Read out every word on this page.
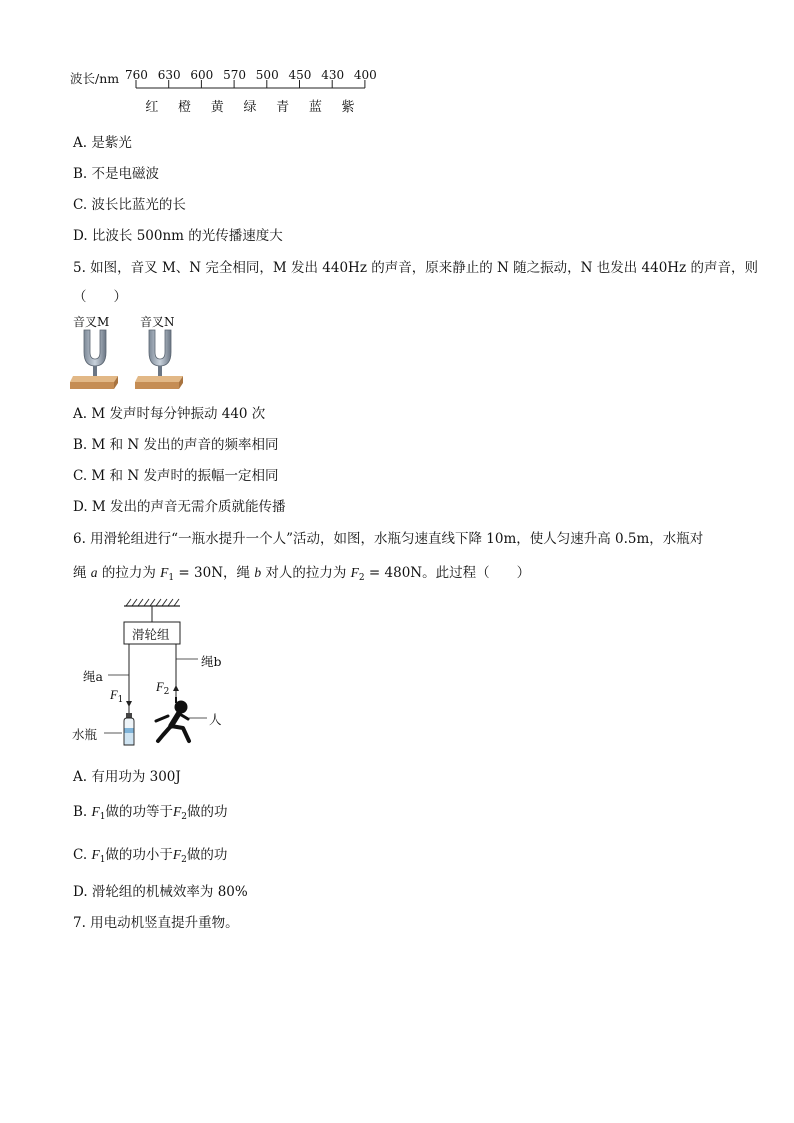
波长/nm 760 630 600 570 500 450 430 400
红 橙 黄 绿 青 蓝 紫
A. 是紫光
B. 不是电磁波
C. 波长比蓝光的长
D. 比波长 500nm 的光传播速度大
5. 如图，音叉 M、N 完全相同，M 发出 440Hz 的声音，原来静止的 N 随之振动，N 也发出 440Hz 的声音，则
（　　）
音叉M	音叉N
A. M 发声时每分钟振动 440 次
B. M 和 N 发出的声音的频率相同
C. M 和 N 发声时的振幅一定相同
D. M 发出的声音无需介质就能传播
6. 用滑轮组进行“一瓶水提升一个人”活动，如图，水瓶匀速直线下降 10m，使人匀速升高 0.5m，水瓶对
绳 a 的拉力为 $F_1 = 30N$，绳 b 对人的拉力为 $F_2 = 480N$。此过程（　　）
滑轮组
绳a
绳b
$F_1$
$F_2$
水瓶
人
A. 有用功为 300J
B. $F_1$做的功等于$F_2$做的功
C. $F_1$做的功小于$F_2$做的功
D. 滑轮组的机械效率为 80%
7. 用电动机竖直提升重物。
